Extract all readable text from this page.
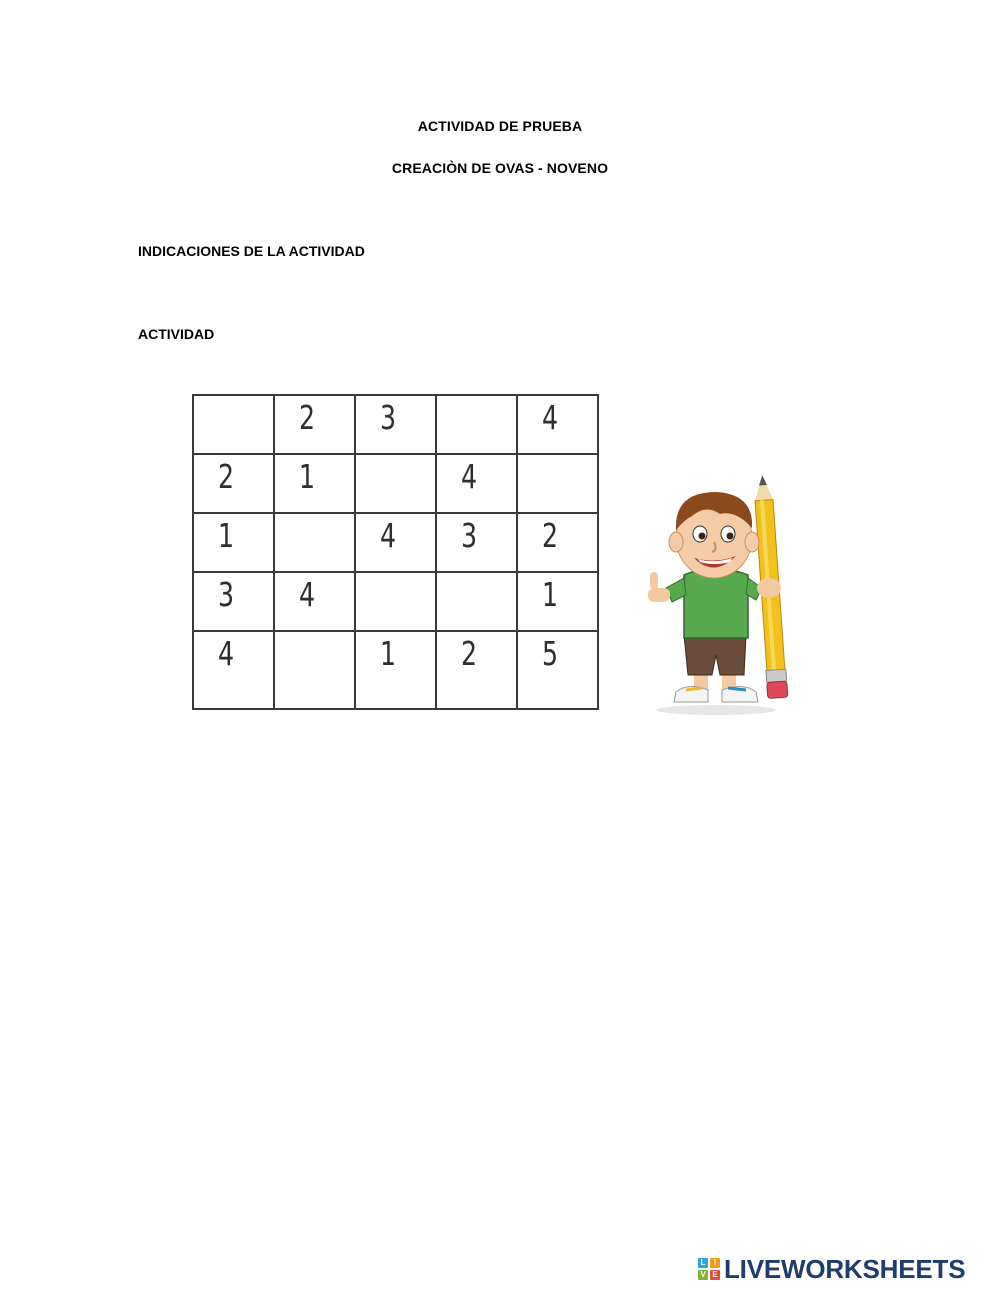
ACTIVIDAD DE PRUEBA
CREACIÒN DE OVAS - NOVENO
INDICACIONES DE LA ACTIVIDAD
ACTIVIDAD

	2	3		4

2	1		4	

1		4	3	2

3	4			1

4		1	2	5
L	I
V E LIVEWORKSHEETS
